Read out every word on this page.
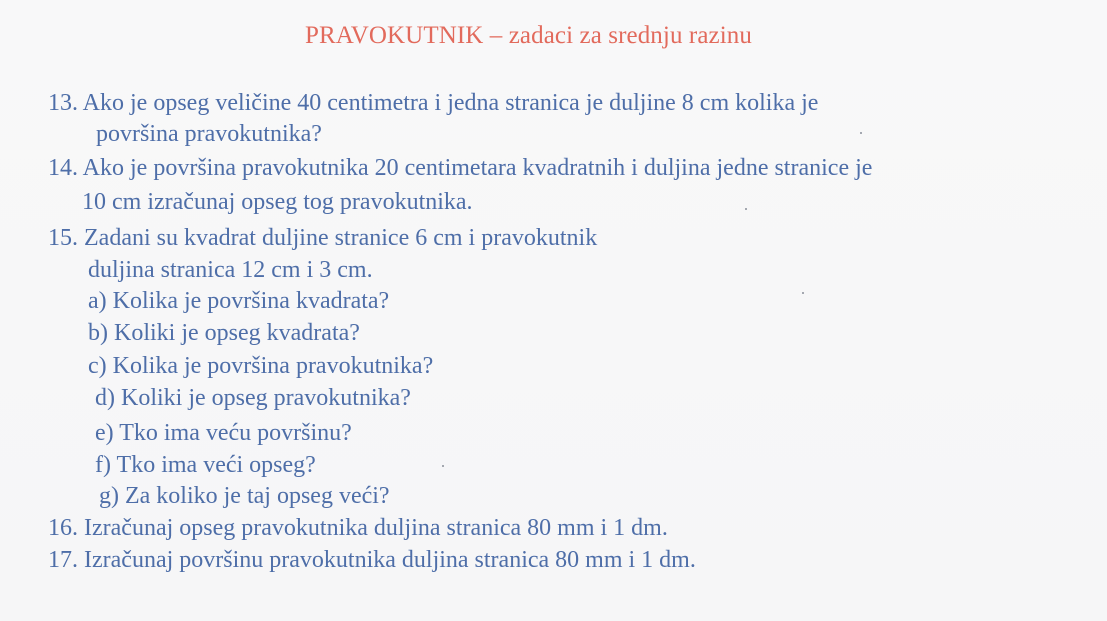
PRAVOKUTNIK – zadaci za srednju razinu
13. Ako je opseg veličine 40 centimetra i jedna stranica je duljine 8 cm kolika je
površina pravokutnika?
14. Ako je površina pravokutnika 20 centimetara kvadratnih i duljina jedne stranice je
10 cm izračunaj opseg tog pravokutnika.
15. Zadani su kvadrat duljine stranice 6 cm i pravokutnik
duljina stranica 12 cm i 3 cm.
a) Kolika je površina kvadrata?
b) Koliki je opseg kvadrata?
c) Kolika je površina pravokutnika?
d) Koliki je opseg pravokutnika?
e) Tko ima veću površinu?
f) Tko ima veći opseg?
g) Za koliko je taj opseg veći?
16. Izračunaj opseg pravokutnika duljina stranica 80 mm i 1 dm.
17. Izračunaj površinu pravokutnika duljina stranica 80 mm i 1 dm.
